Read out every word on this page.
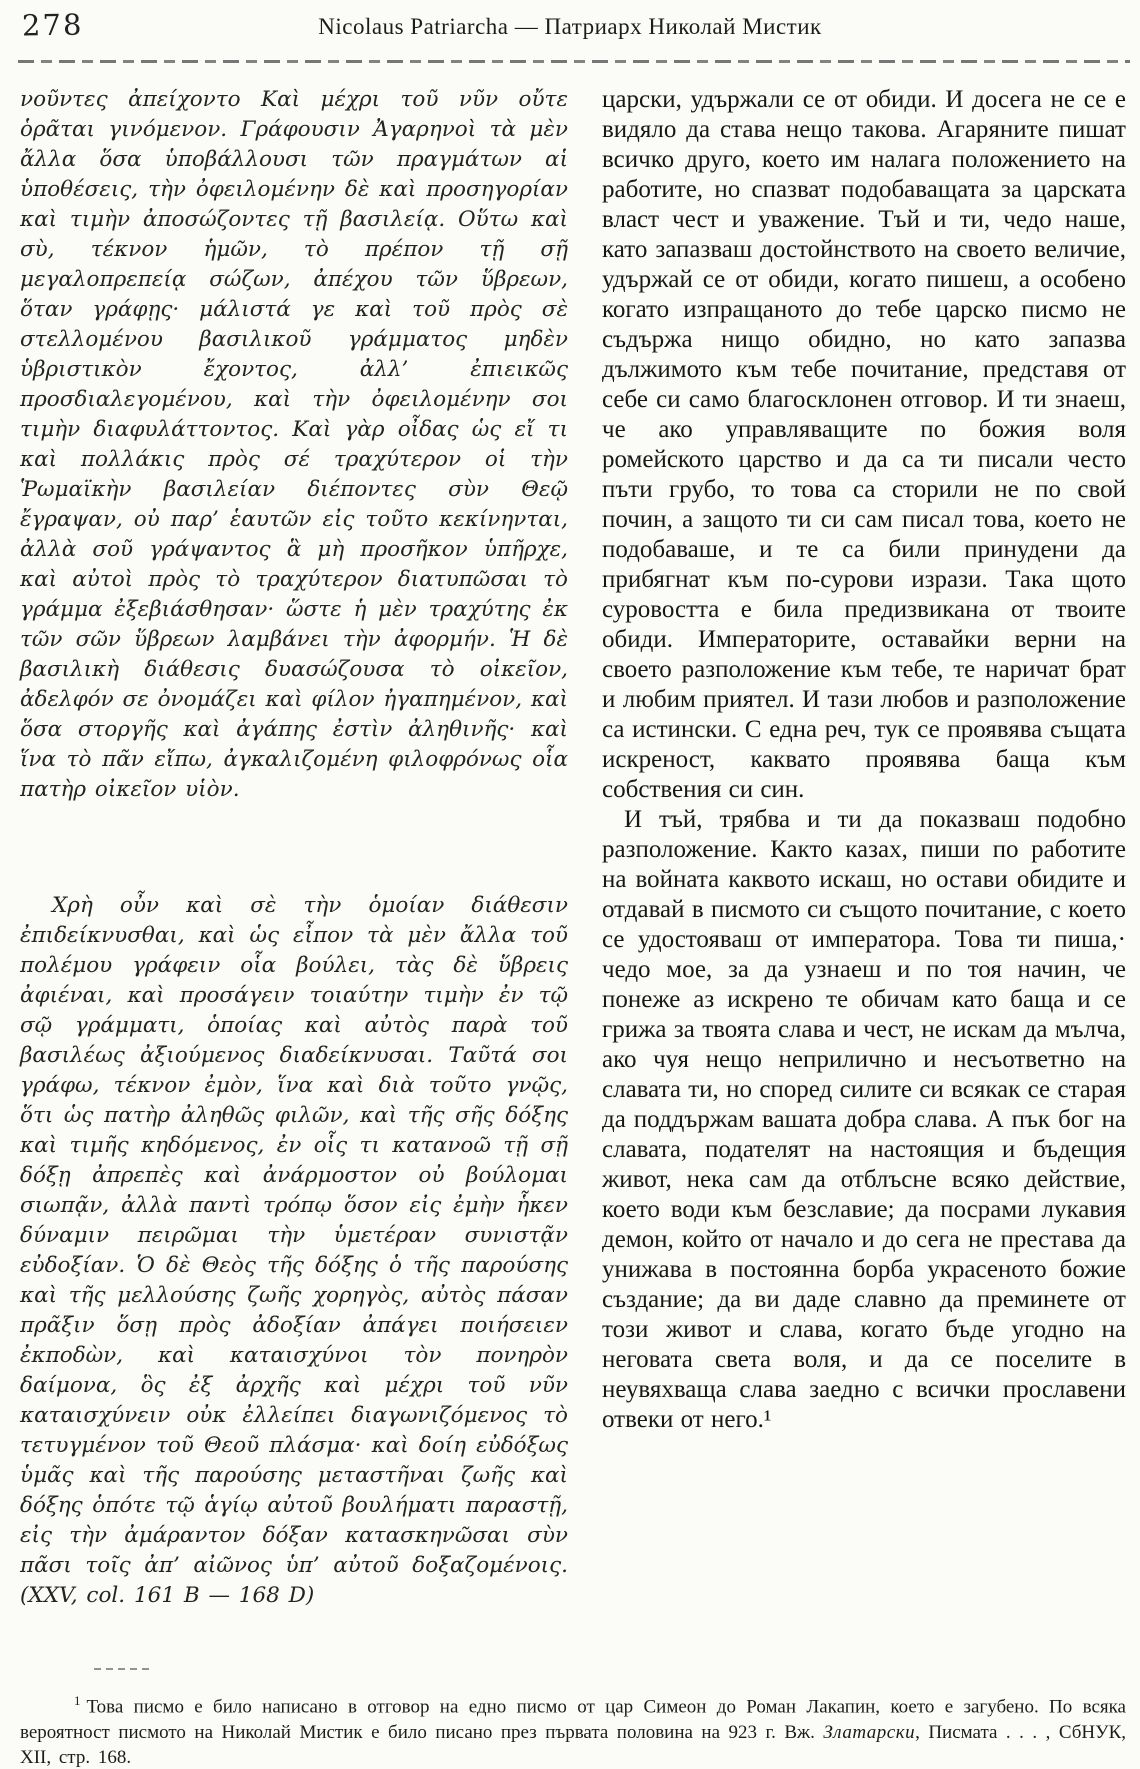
278	Nicolaus Patriarcha — Патриарх Николай Мистик

νοῦντες ἀπείχοντο Καὶ μέχρι τοῦ νῦν οὔτε ὁρᾶται γινόμενον. Γράφουσιν Ἀγαρηνοὶ τὰ μὲν ἄλλα ὅσα ὑποβάλλουσι τῶν πραγμάτων αἱ ὑποθέσεις, τὴν ὀφειλομένην δὲ καὶ προσηγορίαν καὶ τιμὴν ἀποσώζοντες τῇ βασιλείᾳ. Οὕτω καὶ σὺ, τέκνον ἡμῶν, τὸ πρέπον τῇ σῇ μεγαλοπρεπείᾳ σώζων, ἀπέχου τῶν ὕβρεων, ὅταν γράφῃς· μάλιστά γε καὶ τοῦ πρὸς σὲ στελλομένου βασιλικοῦ γράμματος μηδὲν ὑβριστικὸν ἔχοντος, ἀλλ’ ἐπιεικῶς προσδιαλεγομένου, καὶ τὴν ὀφειλομένην σοι τιμὴν διαφυλάττοντος. Καὶ γὰρ οἶδας ὡς εἴ τι καὶ πολλάκις πρὸς σέ τραχύτερον οἱ τὴν Ῥωμαϊκὴν βασιλείαν διέποντες σὺν Θεῷ ἔγραψαν, οὐ παρ’ ἑαυτῶν εἰς τοῦτο κεκίνηνται, ἀλλὰ σοῦ γράψαντος ἃ μὴ προσῆκον ὑπῆρχε, καὶ αὐτοὶ πρὸς τὸ τραχύτερον διατυπῶσαι τὸ γράμμα ἐξεβιάσθησαν· ὥστε ἡ μὲν τραχύτης ἐκ τῶν σῶν ὕβρεων λαμβάνει τὴν ἀφορμήν. Ἡ δὲ βασιλικὴ διάθεσις δυασώζουσα τὸ οἰκεῖον, ἀδελφόν σε ὀνομάζει καὶ φίλον ἠγαπημένον, καὶ ὅσα στοργῆς καὶ ἀγάπης ἐστὶν ἀληθινῆς· καὶ ἵνα τὸ πᾶν εἴπω, ἀγκαλιζομένη φιλοφρόνως οἷα πατὴρ οἰκεῖον υἱὸν.

Χρὴ οὖν καὶ σὲ τὴν ὁμοίαν διάθεσιν ἐπιδείκνυσθαι, καὶ ὡς εἶπον τὰ μὲν ἄλλα τοῦ πολέμου γράφειν οἷα βούλει, τὰς δὲ ὕβρεις ἀφιέναι, καὶ προσάγειν τοιαύτην τιμὴν ἐν τῷ σῷ γράμματι, ὁποίας καὶ αὐτὸς παρὰ τοῦ βασιλέως ἀξιούμενος διαδείκνυσαι. Ταῦτά σοι γράφω, τέκνον ἐμὸν, ἵνα καὶ διὰ τοῦτο γνῷς, ὅτι ὡς πατὴρ ἀληθῶς φιλῶν, καὶ τῆς σῆς δόξης καὶ τιμῆς κηδόμενος, ἐν οἷς τι κατανοῶ τῇ σῇ δόξῃ ἀπρεπὲς καὶ ἀνάρμοστον οὐ βούλομαι σιωπᾷν, ἀλλὰ παντὶ τρόπῳ ὅσον εἰς ἐμὴν ἧκεν δύναμιν πειρῶμαι τὴν ὑμετέραν συνιστᾷν εὐδοξίαν. Ὁ δὲ Θεὸς τῆς δόξης ὁ τῆς παρούσης καὶ τῆς μελλούσης ζωῆς χορηγὸς, αὐτὸς πάσαν πρᾶξιν ὅσῃ πρὸς ἀδοξίαν ἀπάγει ποιήσειεν ἐκποδὼν, καὶ καταισχύνοι τὸν πονηρὸν δαίμονα, ὃς ἐξ ἀρχῆς καὶ μέχρι τοῦ νῦν καταισχύνειν οὐκ ἐλλείπει διαγωνιζόμενος τὸ τετυγμένον τοῦ Θεοῦ πλάσμα· καὶ δοίη εὐδόξως ὑμᾶς καὶ τῆς παρούσης μεταστῆναι ζωῆς καὶ δόξης ὁπότε τῷ ἁγίῳ αὐτοῦ βουλήματι παραστῇ, εἰς τὴν ἀμάραντον δόξαν κατασκηνῶσαι σὺν πᾶσι τοῖς ἀπ’ αἰῶνος ὑπ’ αὐτοῦ δοξαζομένοις. (XXV, col. 161 B — 168 D)

царски, удържали се от обиди. И досега не се е видяло да става нещо такова. Агаряните пишат всичко друго, което им налага положението на работите, но спазват подобаващата за царската власт чест и уважение. Тъй и ти, чедо наше, като запазваш достойнството на своето величие, удържай се от обиди, когато пишеш, а особено когато изпращаното до тебе царско писмо не съдържа нищо обидно, но като запазва дължимото към тебе почитание, представя от себе си само благосклонен отговор. И ти знаеш, че ако управляващите по божия воля ромейското царство и да са ти писали често пъти грубо, то това са сторили не по свой почин, а защото ти си сам писал това, което не подобаваше, и те са били принудени да прибягнат към по-сурови изрази. Така щото суровостта е била предизвикана от твоите обиди. Императорите, оставайки верни на своето разположение към тебе, те наричат брат и любим приятел. И тази любов и разположение са истински. С една реч, тук се проявява същата искреност, каквато проявява баща към собствения си син.

И тъй, трябва и ти да показваш подобно разположение. Както казах, пиши по работите на войната каквото искаш, но остави обидите и отдавай в писмото си същото почитание, с което се удостояваш от императора. Това ти пиша,· чедо мое, за да узнаеш и по тоя начин, че понеже аз искрено те обичам като баща и се грижа за твоята слава и чест, не искам да мълча, ако чуя нещо неприлично и несъответно на славата ти, но според силите си всякак се старая да поддържам вашата добра слава. А пък бог на славата, подателят на настоящия и бъдещия живот, нека сам да отблъсне всяко действие, което води към безславие; да посрами лукавия демон, който от начало и до сега не престава да унижава в постоянна борба украсеното божие създание; да ви даде славно да преминете от този живот и слава, когато бъде угодно на неговата света воля, и да се поселите в неувяхваща слава заедно с всички прославени отвеки от него.¹

$^1$ Това писмо е било написано в отговор на едно писмо от цар Симеон до Роман Лакапин, което е загубено. По всяка вероятност писмото на Николай Мистик е било писано през първата половина на 923 г. Вж. Златарски, Писмата . . . , СбНУК, XII, стр. 168.
